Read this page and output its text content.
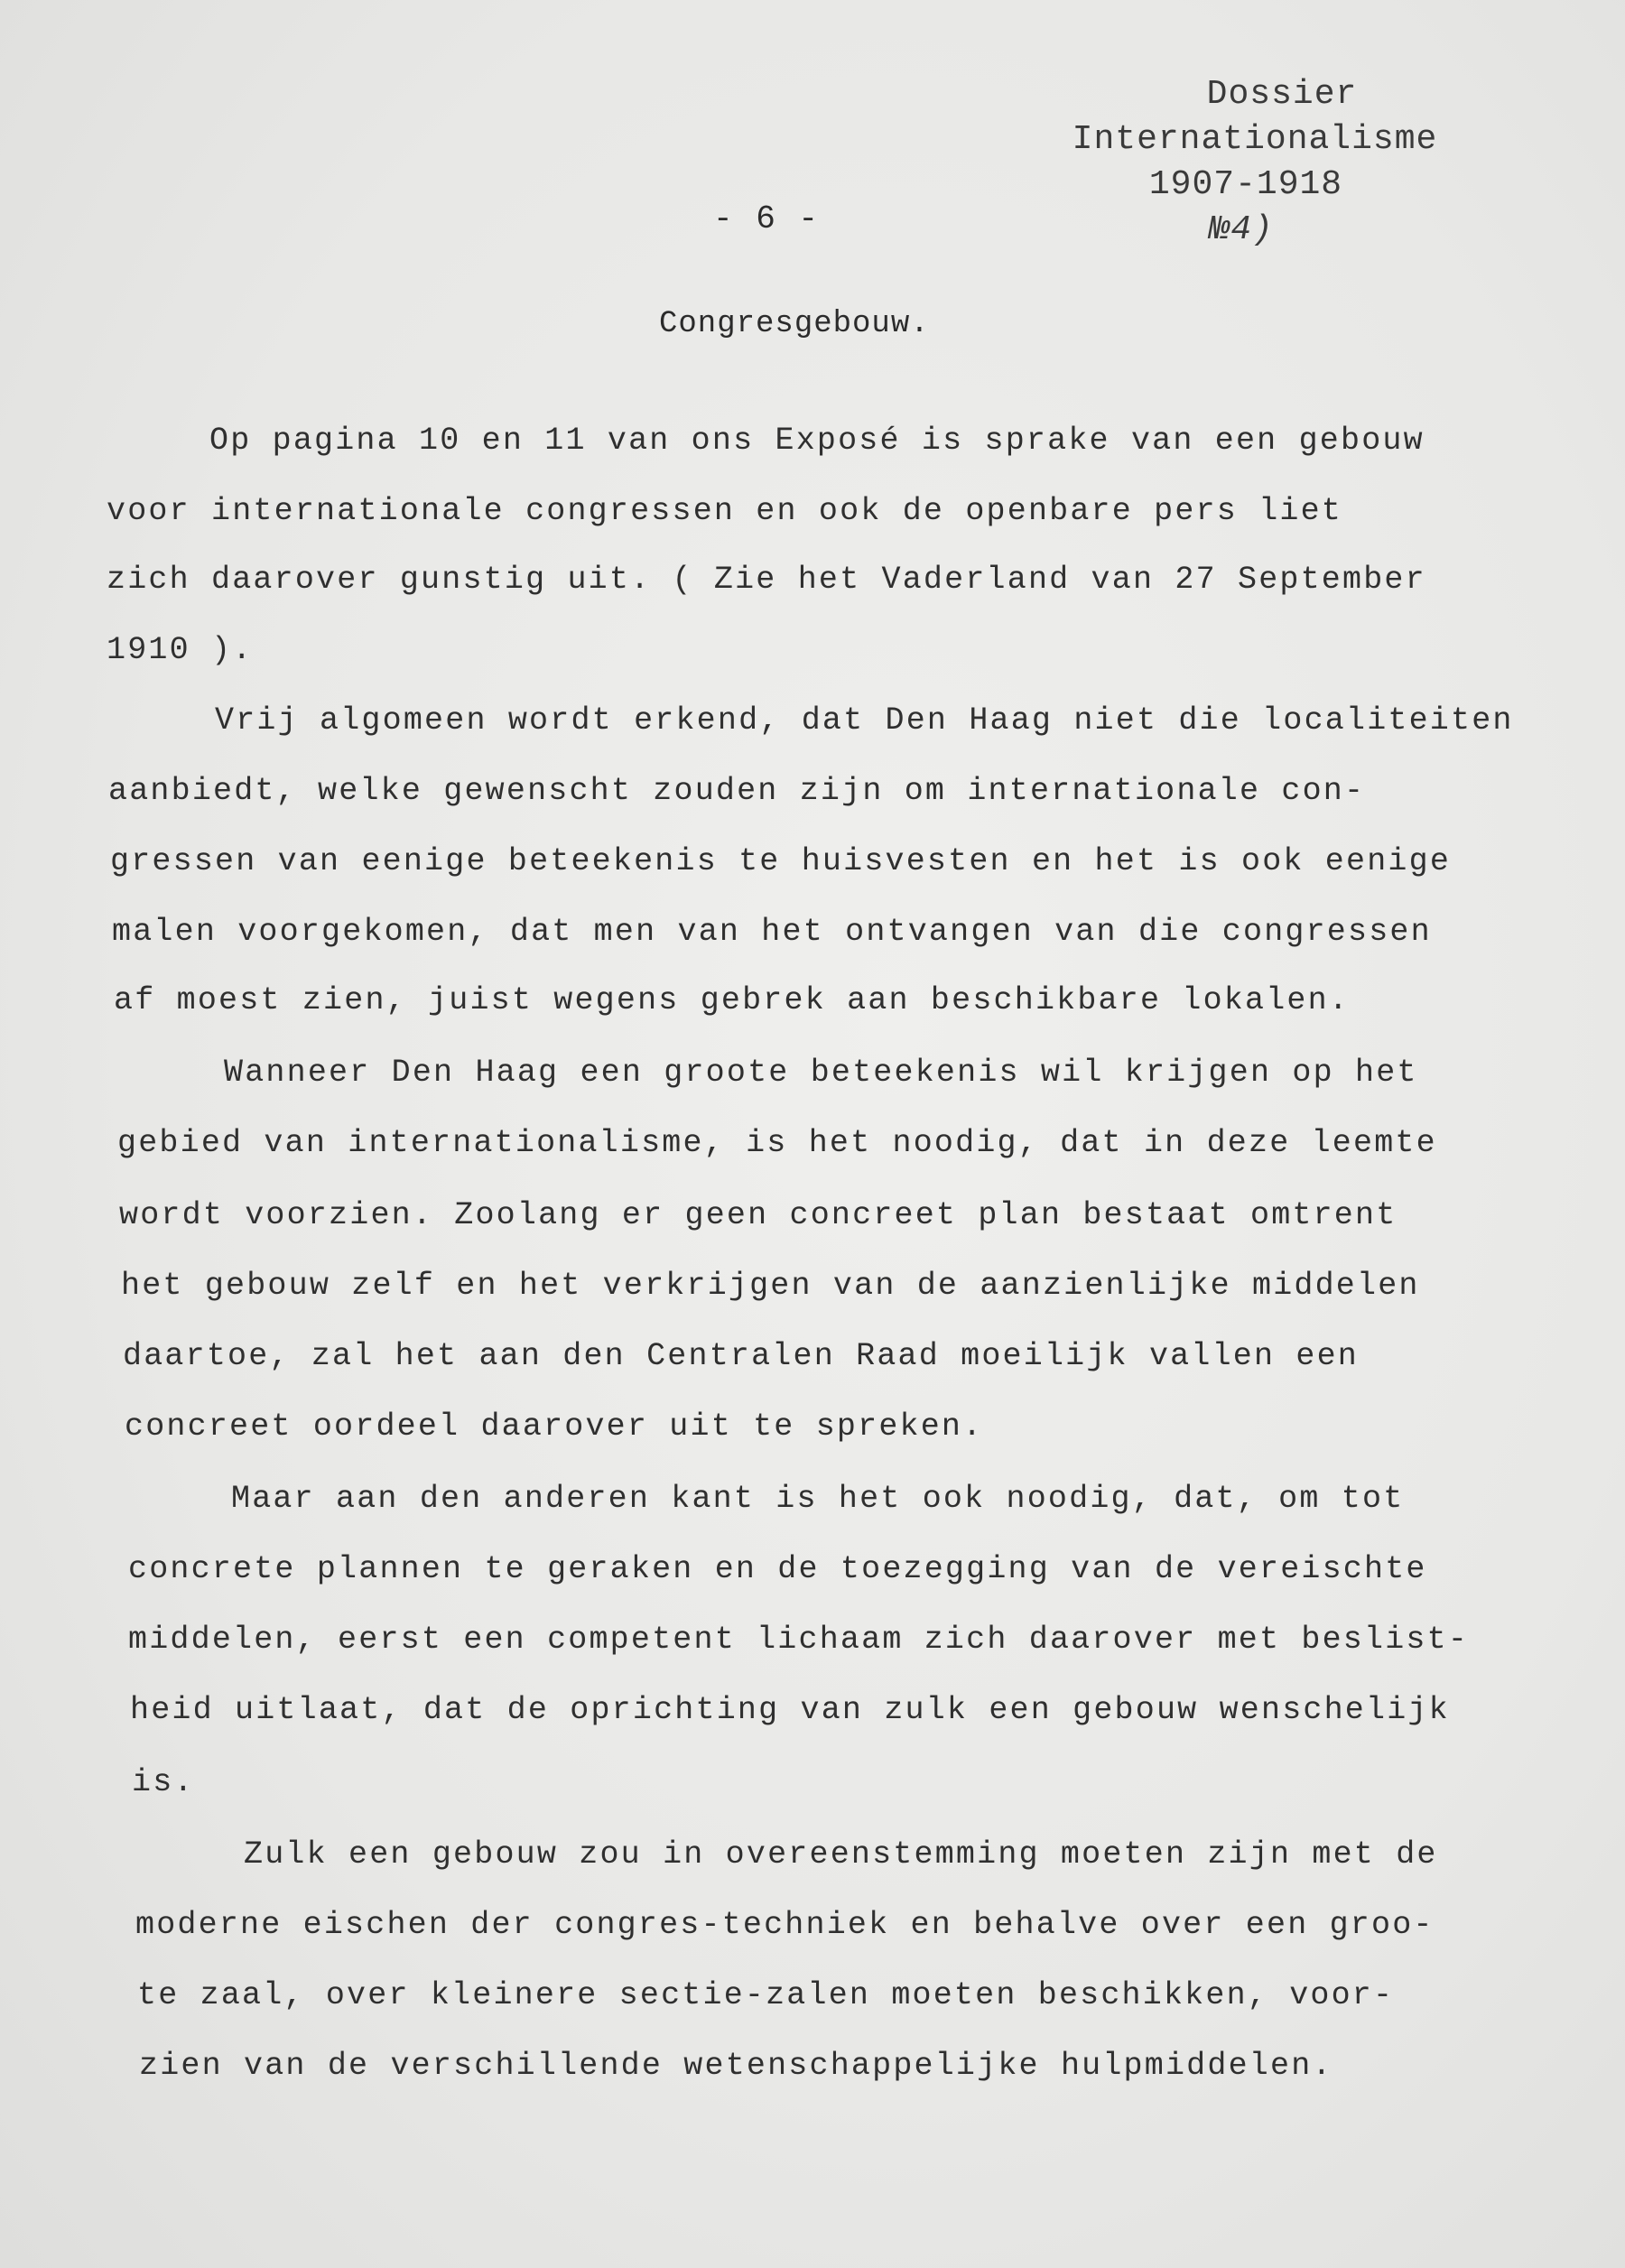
Dossier
Internationalisme
1907-1918
№4)
- 6 -
Congresgebouw.
Op pagina 10 en 11 van ons Exposé is sprake van een gebouw
voor internationale congressen en ook de openbare pers liet
zich daarover gunstig uit. ( Zie het Vaderland van 27 September
1910 ).
Vrij algomeen wordt erkend, dat Den Haag niet die localiteiten
aanbiedt, welke gewenscht zouden zijn om internationale con-
gressen van eenige beteekenis te huisvesten en het is ook eenige
malen voorgekomen, dat men van het ontvangen van die congressen
af moest zien, juist wegens gebrek aan beschikbare lokalen.
Wanneer Den Haag een groote beteekenis wil krijgen op het
gebied van internationalisme, is het noodig, dat in deze leemte
wordt voorzien. Zoolang er geen concreet plan bestaat omtrent
het gebouw zelf en het verkrijgen van de aanzienlijke middelen
daartoe, zal het aan den Centralen Raad moeilijk vallen een
concreet oordeel daarover uit te spreken.
Maar aan den anderen kant is het ook noodig, dat, om tot
concrete plannen te geraken en de toezegging van de vereischte
middelen, eerst een competent lichaam zich daarover met beslist-
heid uitlaat, dat de oprichting van zulk een gebouw wenschelijk
is.
Zulk een gebouw zou in overeenstemming moeten zijn met de
moderne eischen der congres-techniek en behalve over een groo-
te zaal, over kleinere sectie-zalen moeten beschikken, voor-
zien van de verschillende wetenschappelijke hulpmiddelen.
